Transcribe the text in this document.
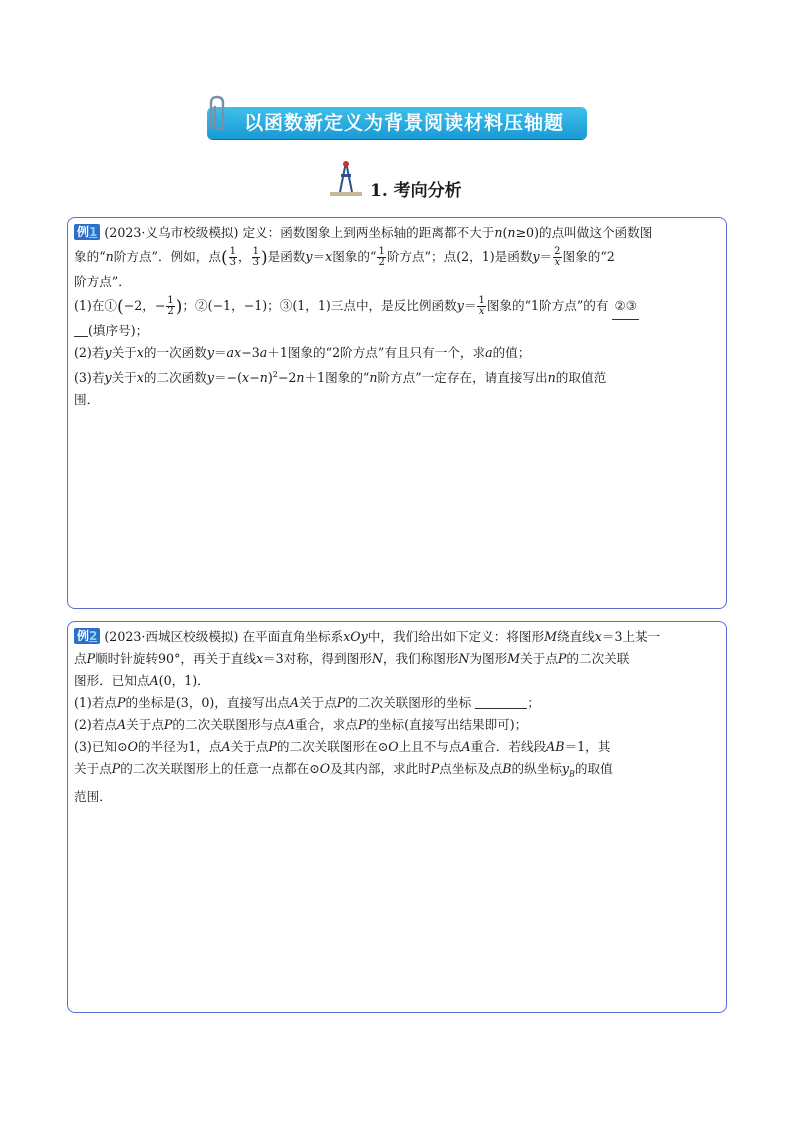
以函数新定义为背景阅读材料压轴题
1. 考向分析
例1 (2023·义乌市校级模拟) 定义：函数图象上到两坐标轴的距离都不大于n(n≥0)的点叫做这个函数图
象的“n阶方点”．例如，点( $\frac{1}{3}$ ， $\frac{1}{3}$ )是函数y＝x图象的“ $\frac{1}{2}$ 阶方点”；点(2，1)是函数$y= \frac{2}{x}$ 图象的“2
阶方点”．
(1)在①(−2，− $\frac{1}{2}$ )；②(−1，−1)；③(1，1)三点中，是反比例函数$y= \frac{1}{x}$ 图象的“1阶方点”的有 ②③
(填序号)；
(2)若y关于x的一次函数y＝ax−3a＋1图象的“2阶方点”有且只有一个，求a的值；
(3)若y关于x的二次函数$y=-(x-n)^2-2n+1$图象的“n阶方点”一定存在，请直接写出n的取值范
围．
例2 (2023·西城区校级模拟) 在平面直角坐标系xOy中，我们给出如下定义：将图形M绕直线x＝3上某一
点P顺时针旋转90°，再关于直线x＝3对称，得到图形N，我们称图形N为图形M关于点P的二次关联
图形．已知点A(0，1)．
(1)若点P的坐标是(3，0)，直接写出点A关于点P的二次关联图形的坐标	；
(2)若点A关于点P的二次关联图形与点A重合，求点P的坐标(直接写出结果即可)；
(3)已知⊙O的半径为1，点A关于点P的二次关联图形在⊙O上且不与点A重合．若线段AB＝1，其
关于点P的二次关联图形上的任意一点都在⊙O及其内部，求此时P点坐标及点B的纵坐标$y_B$的取值
范围．
